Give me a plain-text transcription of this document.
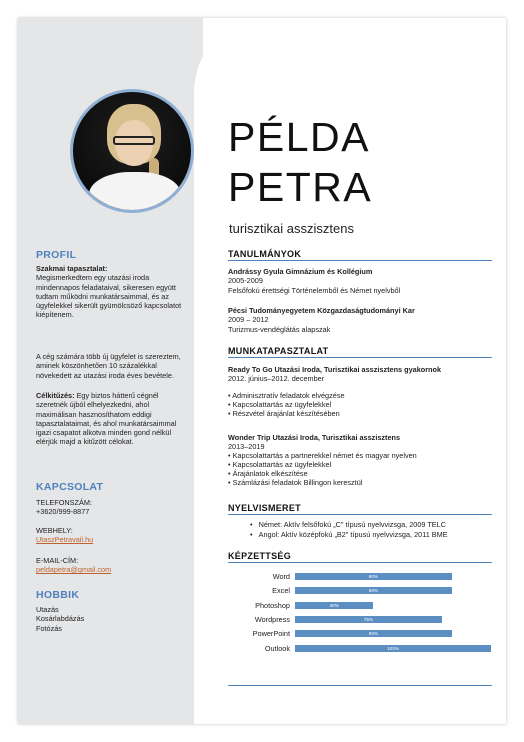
PROFIL
Szakmai tapasztalat:
Megismerkedtem egy utazási iroda mindennapos feladataival, sikeresen együtt tudtam működni munkatársaimmal, és az ügyfelekkel sikerült gyümölcsöző kapcsolatot kiépítenem.
A cég számára több új ügyfelet is szereztem, aminek köszönhetően 10 százalékkal növekedett az utazási iroda éves bevétele.
Célkitűzés: Egy biztos hátterű cégnél szeretnék újból elhelyezkedni, ahol maximálisan hasznosíthatom eddigi tapasztalataimat, és ahol munkatársaimmal igazi csapatot alkotva minden gond nélkül elérjük majd a kitűzött célokat.
KAPCSOLAT
TELEFONSZÁM:
+3620/999-8877
WEBHELY:
UtaszPetravail.hu
E-MAIL-CÍM:
peldapetra@gmail.com
HOBBIK
Utazás
Kosárlabdázás
Fotózás
PÉLDA
PETRA
turisztikai asszisztens
TANULMÁNYOK
Andrássy Gyula Gimnázium és Kollégium
2005-2009
Felsőfokú érettségi Történelemből és Német nyelvből
Pécsi Tudományegyetem Közgazdaságtudományi Kar
2009 – 2012
Turizmus-vendéglátás alapszak
MUNKATAPASZTALAT
Ready To Go Utazási Iroda, Turisztikai asszisztens gyakornok
2012. június–2012. december
• Adminisztratív feladatok elvégzése
• Kapcsolattartás az ügyfelekkel
• Részvétel árajánlat készítésében
Wonder Trip Utazási Iroda, Turisztikai asszisztens
2013–2019
• Kapcsolattartás a partnerekkel német és magyar nyelven
• Kapcsolattartás az ügyfelekkel
• Árajánlatok elkészítése
• Számlázási feladatok Billingon keresztül
NYELVISMERET
• Német: Aktív felsőfokú „C" típusú nyelvvizsga, 2009 TELC
• Angol: Aktív középfokú „B2" típusú nyelvvizsga, 2011 BME
KÉPZETTSÉG
Word	80%
Excel	80%
Photoshop	40%
Wordpress	75%
PowerPoint	80%
Outlook	100%
